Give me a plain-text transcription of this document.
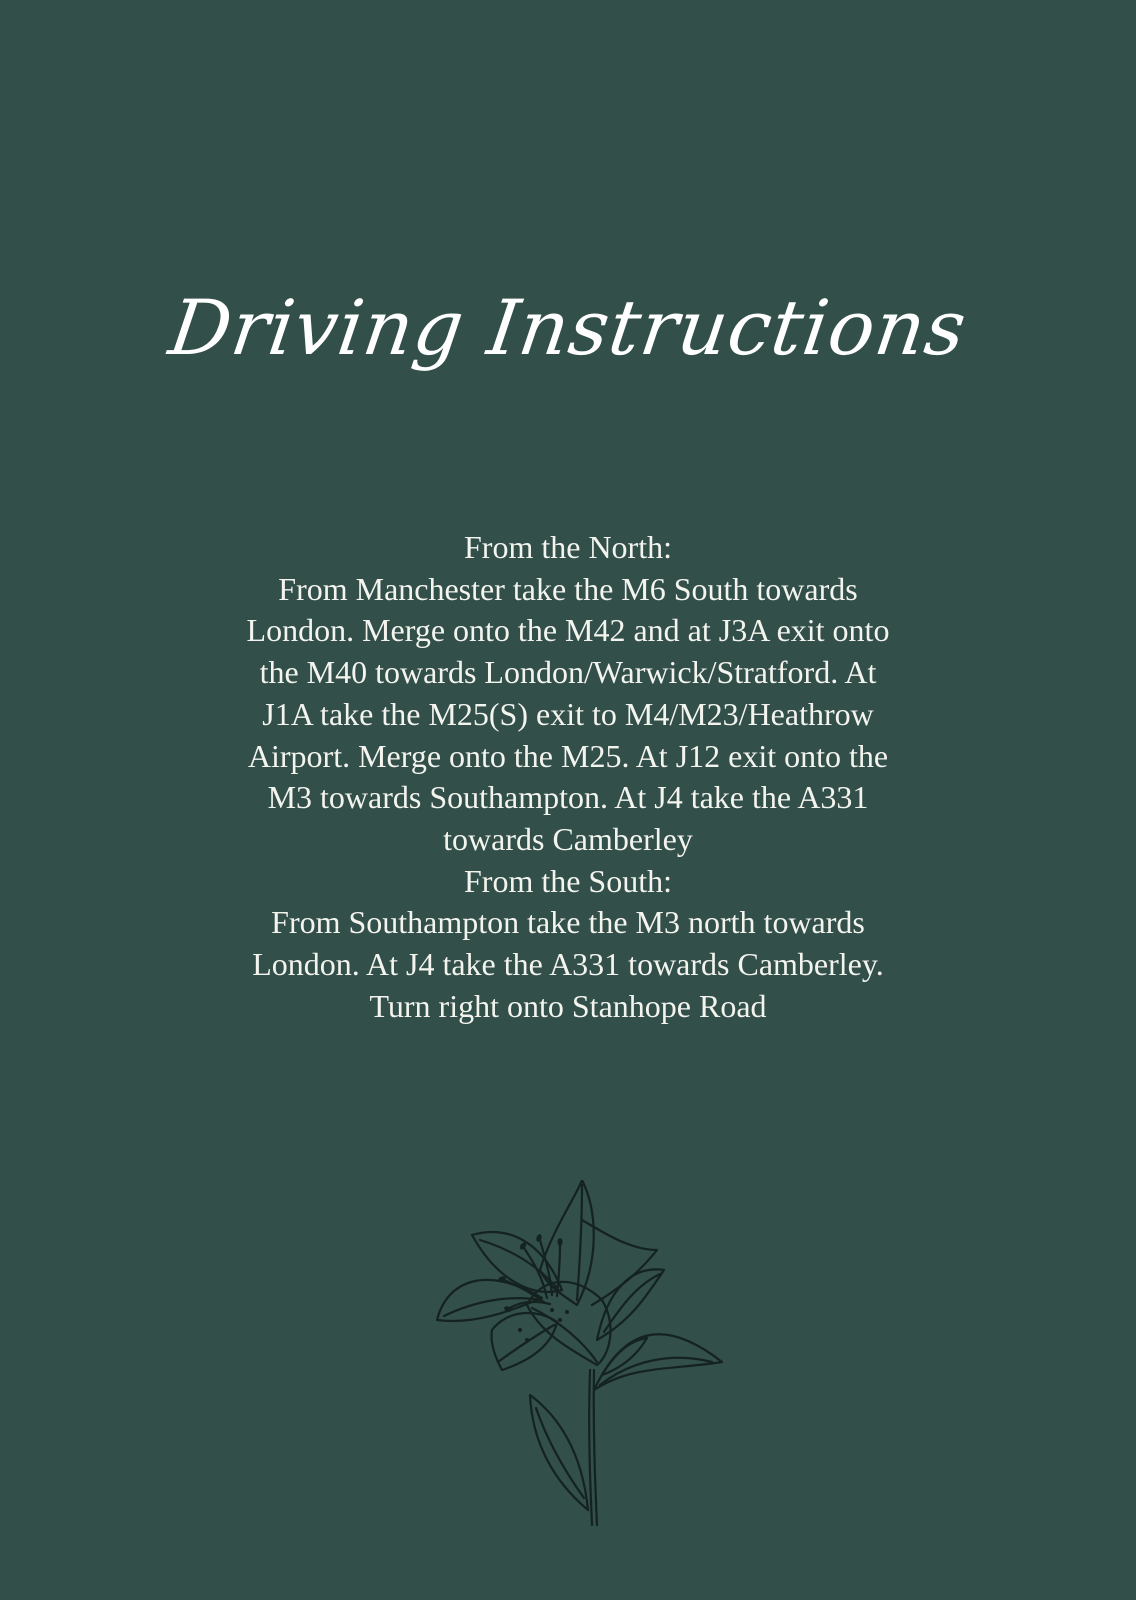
Driving Instructions
From the North:
From Manchester take the M6 South towards
London. Merge onto the M42 and at J3A exit onto
the M40 towards London/Warwick/Stratford. At
J1A take the M25(S) exit to M4/M23/Heathrow
Airport. Merge onto the M25. At J12 exit onto the
M3 towards Southampton. At J4 take the A331
towards Camberley
From the South:
From Southampton take the M3 north towards
London. At J4 take the A331 towards Camberley.
Turn right onto Stanhope Road
